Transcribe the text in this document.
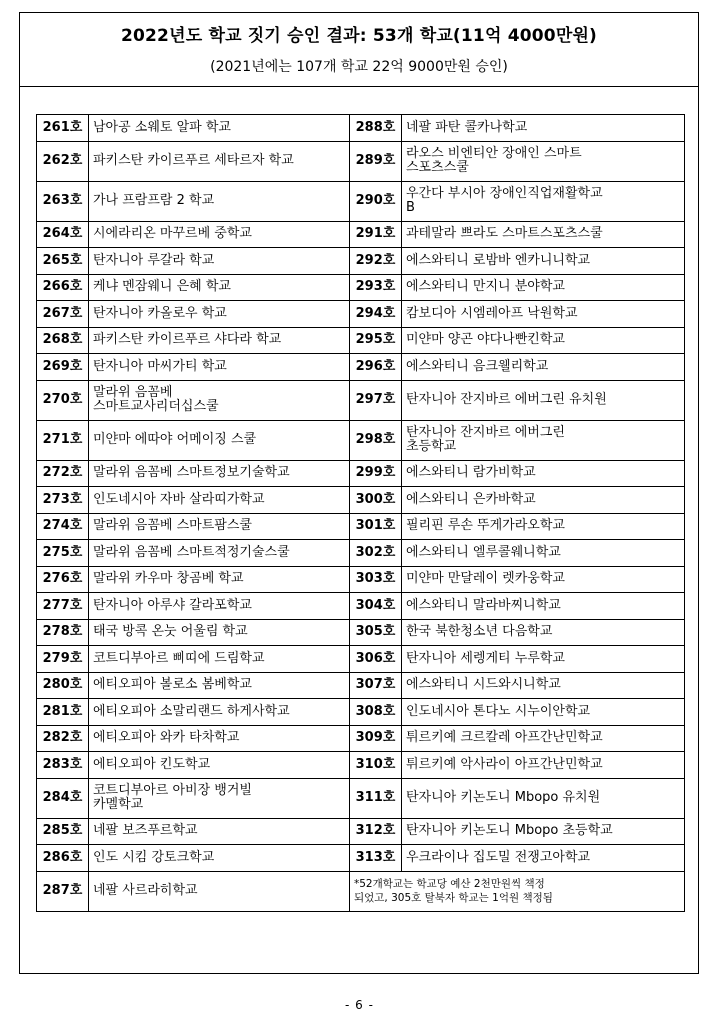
2022년도 학교 짓기 승인 결과: 53개 학교(11억 4000만원)
(2021년에는 107개 학교 22억 9000만원 승인)
261호	남아공 소웨토 알파 학교	288호	네팔 파탄 콜카나학교
262호	파키스탄 카이르푸르 세타르자 학교	289호	라오스 비엔티안 장애인 스마트
스포츠스쿨
263호	가나 프람프람 2 학교	290호	우간다 부시아 장애인직업재활학교
B
264호	시에라리온 마꾸르베 중학교	291호	과테말라 쁘라도 스마트스포츠스쿨
265호	탄자니아 루갈라 학교	292호	에스와티니 로밤바 엔카니니학교
266호	케냐 멘잠웨니 은혜 학교	293호	에스와티니 만지니 분야학교
267호	탄자니아 카올로우 학교	294호	캄보디아 시엠레아프 낙원학교
268호	파키스탄 카이르푸르 샤다라 학교	295호	미얀마 양곤 야다나빤킨학교
269호	탄자니아 마씨가티 학교	296호	에스와티니 음크웰리학교
270호	말라위 음꼼베
스마트교사리더십스쿨	297호	탄자니아 잔지바르 에버그린 유치원
271호	미얀마 에따야 어메이징 스쿨	298호	탄자니아 잔지바르 에버그린
초등학교
272호	말라위 음꼼베 스마트정보기술학교	299호	에스와티니 람가비학교
273호	인도네시아 자바 살라띠가학교	300호	에스와티니 은카바학교
274호	말라위 음꼼베 스마트팜스쿨	301호	필리핀 루손 뚜게가라오학교
275호	말라위 음꼼베 스마트적정기술스쿨	302호	에스와티니 엘루콜웨니학교
276호	말라위 카우마 창곰베 학교	303호	미얀마 만달레이 렛카웅학교
277호	탄자니아 아루샤 갈라포학교	304호	에스와티니 말라바찌니학교
278호	태국 방콕 온눗 어울림 학교	305호	한국 북한청소년 다음학교
279호	코트디부아르 삐띠에 드림학교	306호	탄자니아 세렝게티 누루학교
280호	에티오피아 볼로소 봄베학교	307호	에스와티니 시드와시니학교
281호	에티오피아 소말리랜드 하게사학교	308호	인도네시아 톤다노 시누이안학교
282호	에티오피아 와카 타차학교	309호	튀르키예 크르칼레 아프간난민학교
283호	에티오피아 킨도학교	310호	튀르키예 악사라이 아프간난민학교
284호	코트디부아르 아비장 뱅거빌
카멜학교	311호	탄자니아 키논도니 Mbopo 유치원
285호	네팔 보즈푸르학교	312호	탄자니아 키논도니 Mbopo 초등학교
286호	인도 시킴 강토크학교	313호	우크라이나 집도밀 전쟁고아학교
287호	네팔 사르라히학교	*52개학교는 학교당 예산 2천만원씩 책정
되었고, 305호 탈북자 학교는 1억원 책정됨	
- 6 -
